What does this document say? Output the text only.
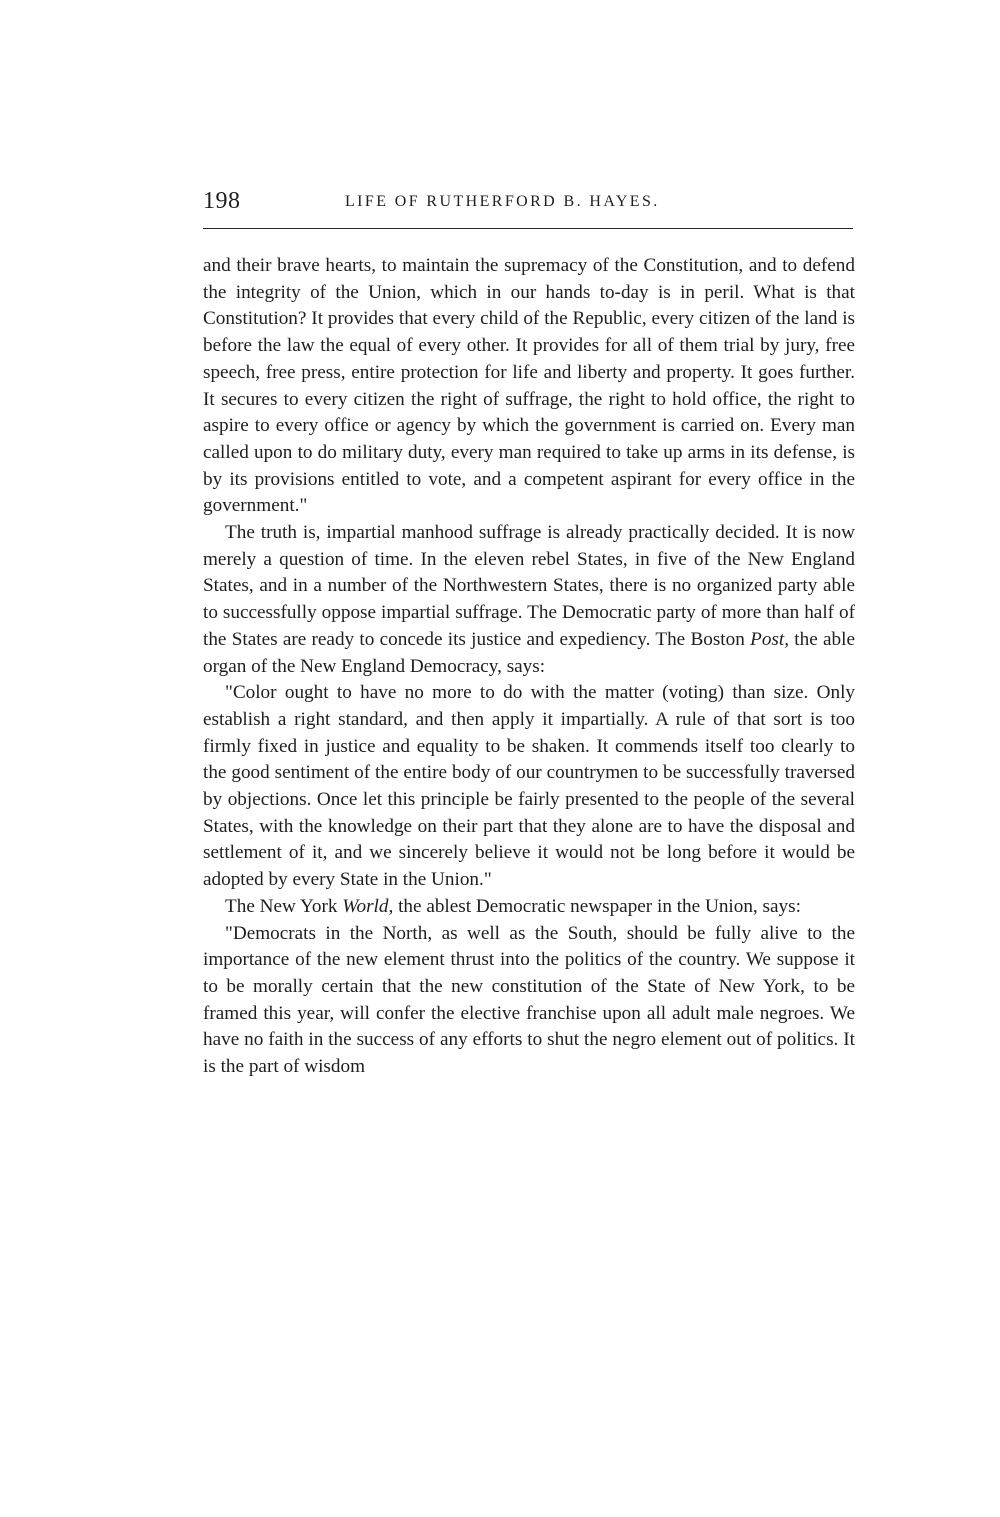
198	LIFE OF RUTHERFORD B. HAYES.

and their brave hearts, to maintain the supremacy of the Constitution, and to defend the integrity of the Union, which in our hands to-day is in peril. What is that Constitution? It provides that every child of the Republic, every citizen of the land is before the law the equal of every other. It provides for all of them trial by jury, free speech, free press, entire protection for life and liberty and property. It goes further. It secures to every citizen the right of suffrage, the right to hold office, the right to aspire to every office or agency by which the government is carried on. Every man called upon to do military duty, every man required to take up arms in its defense, is by its provisions entitled to vote, and a competent aspirant for every office in the government."

The truth is, impartial manhood suffrage is already practically decided. It is now merely a question of time. In the eleven rebel States, in five of the New England States, and in a number of the Northwestern States, there is no organized party able to successfully oppose impartial suffrage. The Democratic party of more than half of the States are ready to concede its justice and expediency. The Boston Post, the able organ of the New England Democracy, says:

"Color ought to have no more to do with the matter (voting) than size. Only establish a right standard, and then apply it impartially. A rule of that sort is too firmly fixed in justice and equality to be shaken. It commends itself too clearly to the good sentiment of the entire body of our countrymen to be successfully traversed by objections. Once let this principle be fairly presented to the people of the several States, with the knowledge on their part that they alone are to have the disposal and settlement of it, and we sincerely believe it would not be long before it would be adopted by every State in the Union."

The New York World, the ablest Democratic newspaper in the Union, says:

"Democrats in the North, as well as the South, should be fully alive to the importance of the new element thrust into the politics of the country. We suppose it to be morally certain that the new constitution of the State of New York, to be framed this year, will confer the elective franchise upon all adult male negroes. We have no faith in the success of any efforts to shut the negro element out of politics. It is the part of wisdom
